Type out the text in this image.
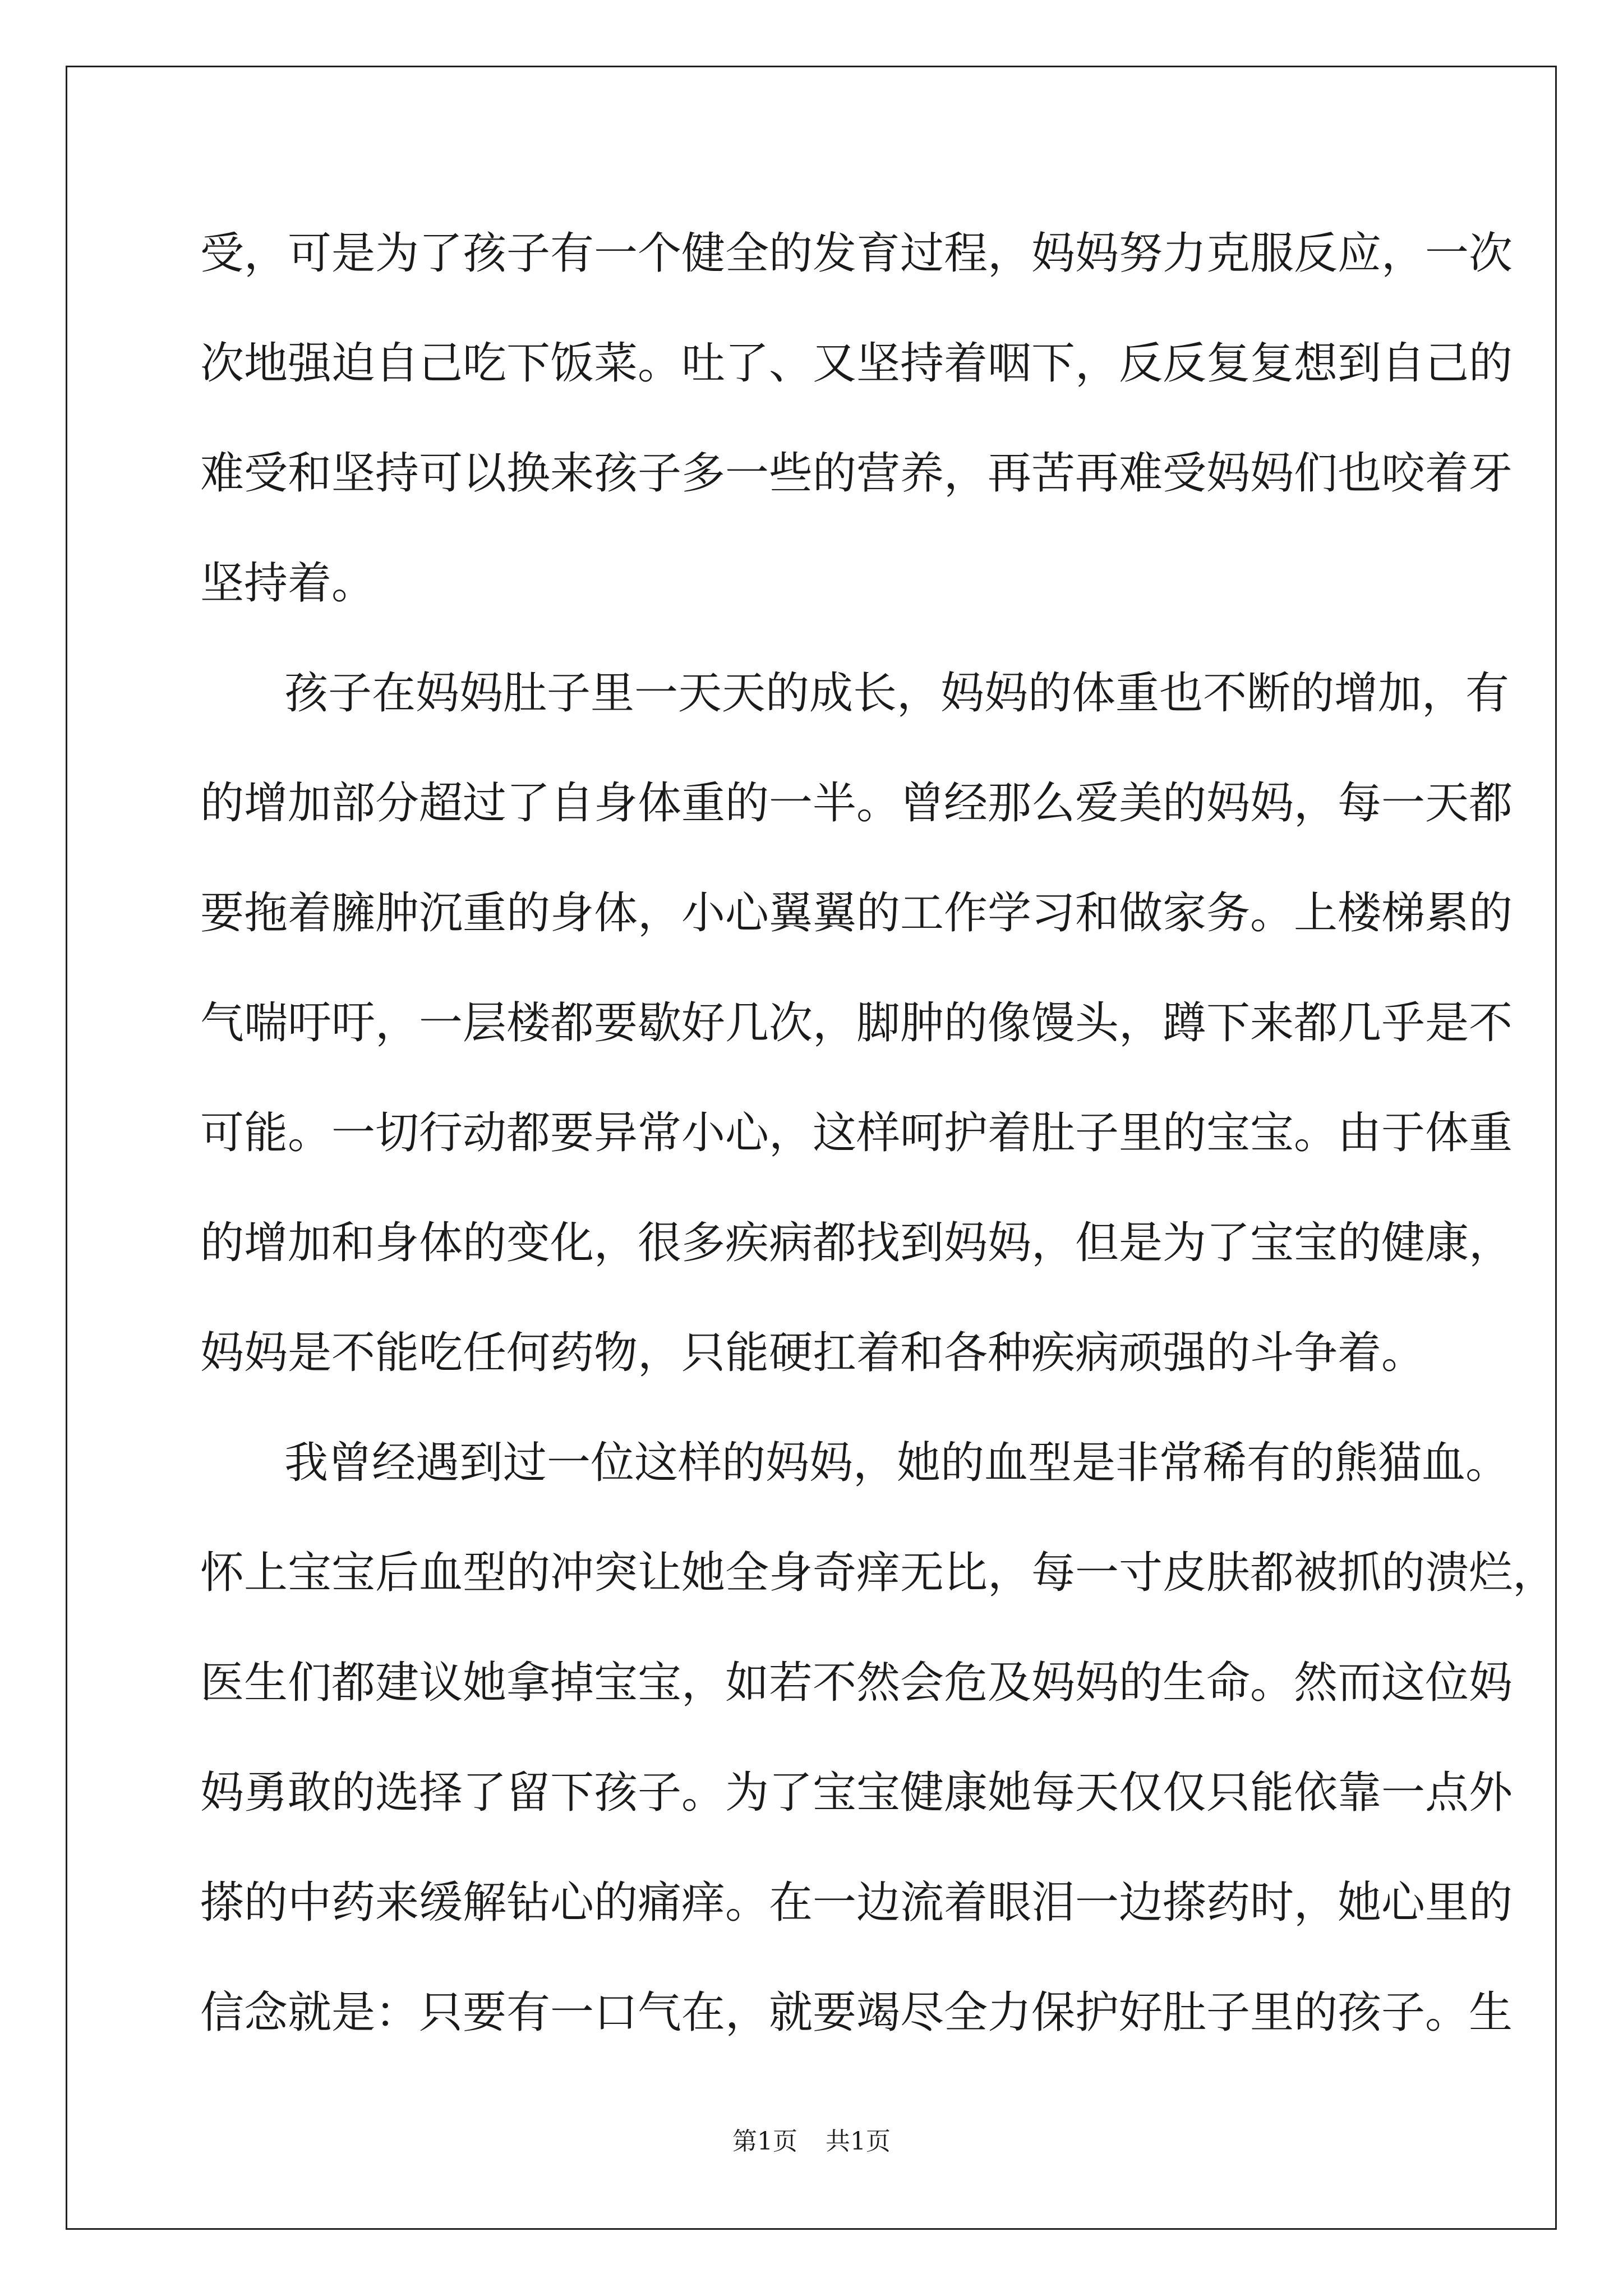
受，可是为了孩子有一个健全的发育过程，妈妈努力克服反应，一次
次地强迫自己吃下饭菜。吐了、又坚持着咽下，反反复复想到自己的
难受和坚持可以换来孩子多一些的营养，再苦再难受妈妈们也咬着牙
坚持着。
孩子在妈妈肚子里一天天的成长，妈妈的体重也不断的增加，有
的增加部分超过了自身体重的一半。曾经那么爱美的妈妈，每一天都
要拖着臃肿沉重的身体，小心翼翼的工作学习和做家务。上楼梯累的
气喘吁吁，一层楼都要歇好几次，脚肿的像馒头，蹲下来都几乎是不
可能。一切行动都要异常小心，这样呵护着肚子里的宝宝。由于体重
的增加和身体的变化，很多疾病都找到妈妈，但是为了宝宝的健康，
妈妈是不能吃任何药物，只能硬扛着和各种疾病顽强的斗争着。
我曾经遇到过一位这样的妈妈，她的血型是非常稀有的熊猫血。
怀上宝宝后血型的冲突让她全身奇痒无比，每一寸皮肤都被抓的溃烂，
医生们都建议她拿掉宝宝，如若不然会危及妈妈的生命。然而这位妈
妈勇敢的选择了留下孩子。为了宝宝健康她每天仅仅只能依靠一点外
搽的中药来缓解钻心的痛痒。在一边流着眼泪一边搽药时，她心里的
信念就是：只要有一口气在，就要竭尽全力保护好肚子里的孩子。生
第1页 共1页
